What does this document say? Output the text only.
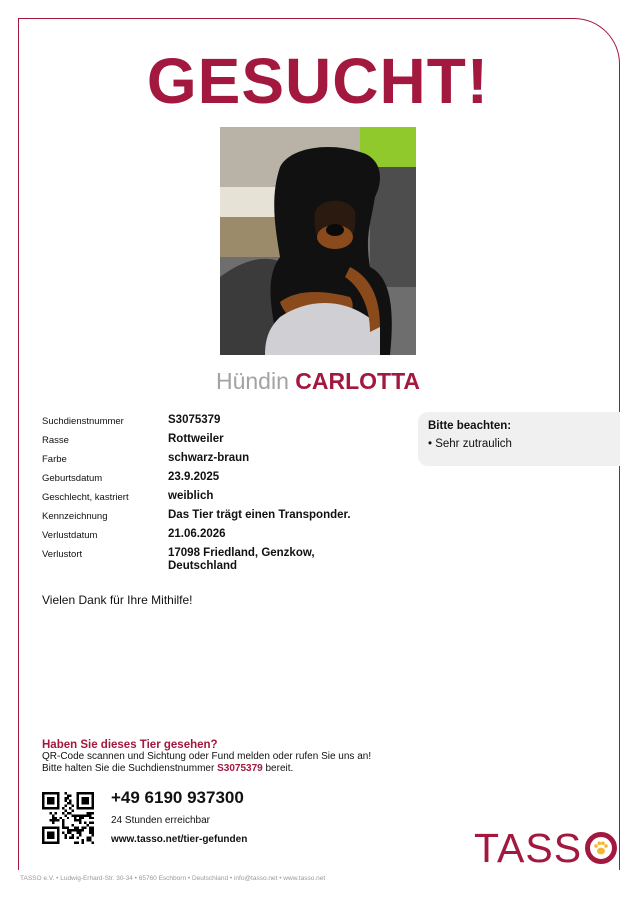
GESUCHT!
Hündin CARLOTTA
Suchdienstnummer	S3075379
Rasse	Rottweiler
Farbe	schwarz-braun
Geburtsdatum	23.9.2025
Geschlecht, kastriert	weiblich
Kennzeichnung	Das Tier trägt einen Transponder.
Verlustdatum	21.06.2026
Verlustort	17098 Friedland, Genzkow, Deutschland
Bitte beachten:
• Sehr zutraulich
Vielen Dank für Ihre Mithilfe!
Haben Sie dieses Tier gesehen?
QR-Code scannen und Sichtung oder Fund melden oder rufen Sie uns an!
Bitte halten Sie die Suchdienstnummer S3075379 bereit.
+49 6190 937300
24 Stunden erreichbar
www.tasso.net/tier-gefunden	TASS
TASSO e.V. • Ludwig-Erhard-Str. 30-34 • 65760 Eschborn • Deutschland • info@tasso.net • www.tasso.net
